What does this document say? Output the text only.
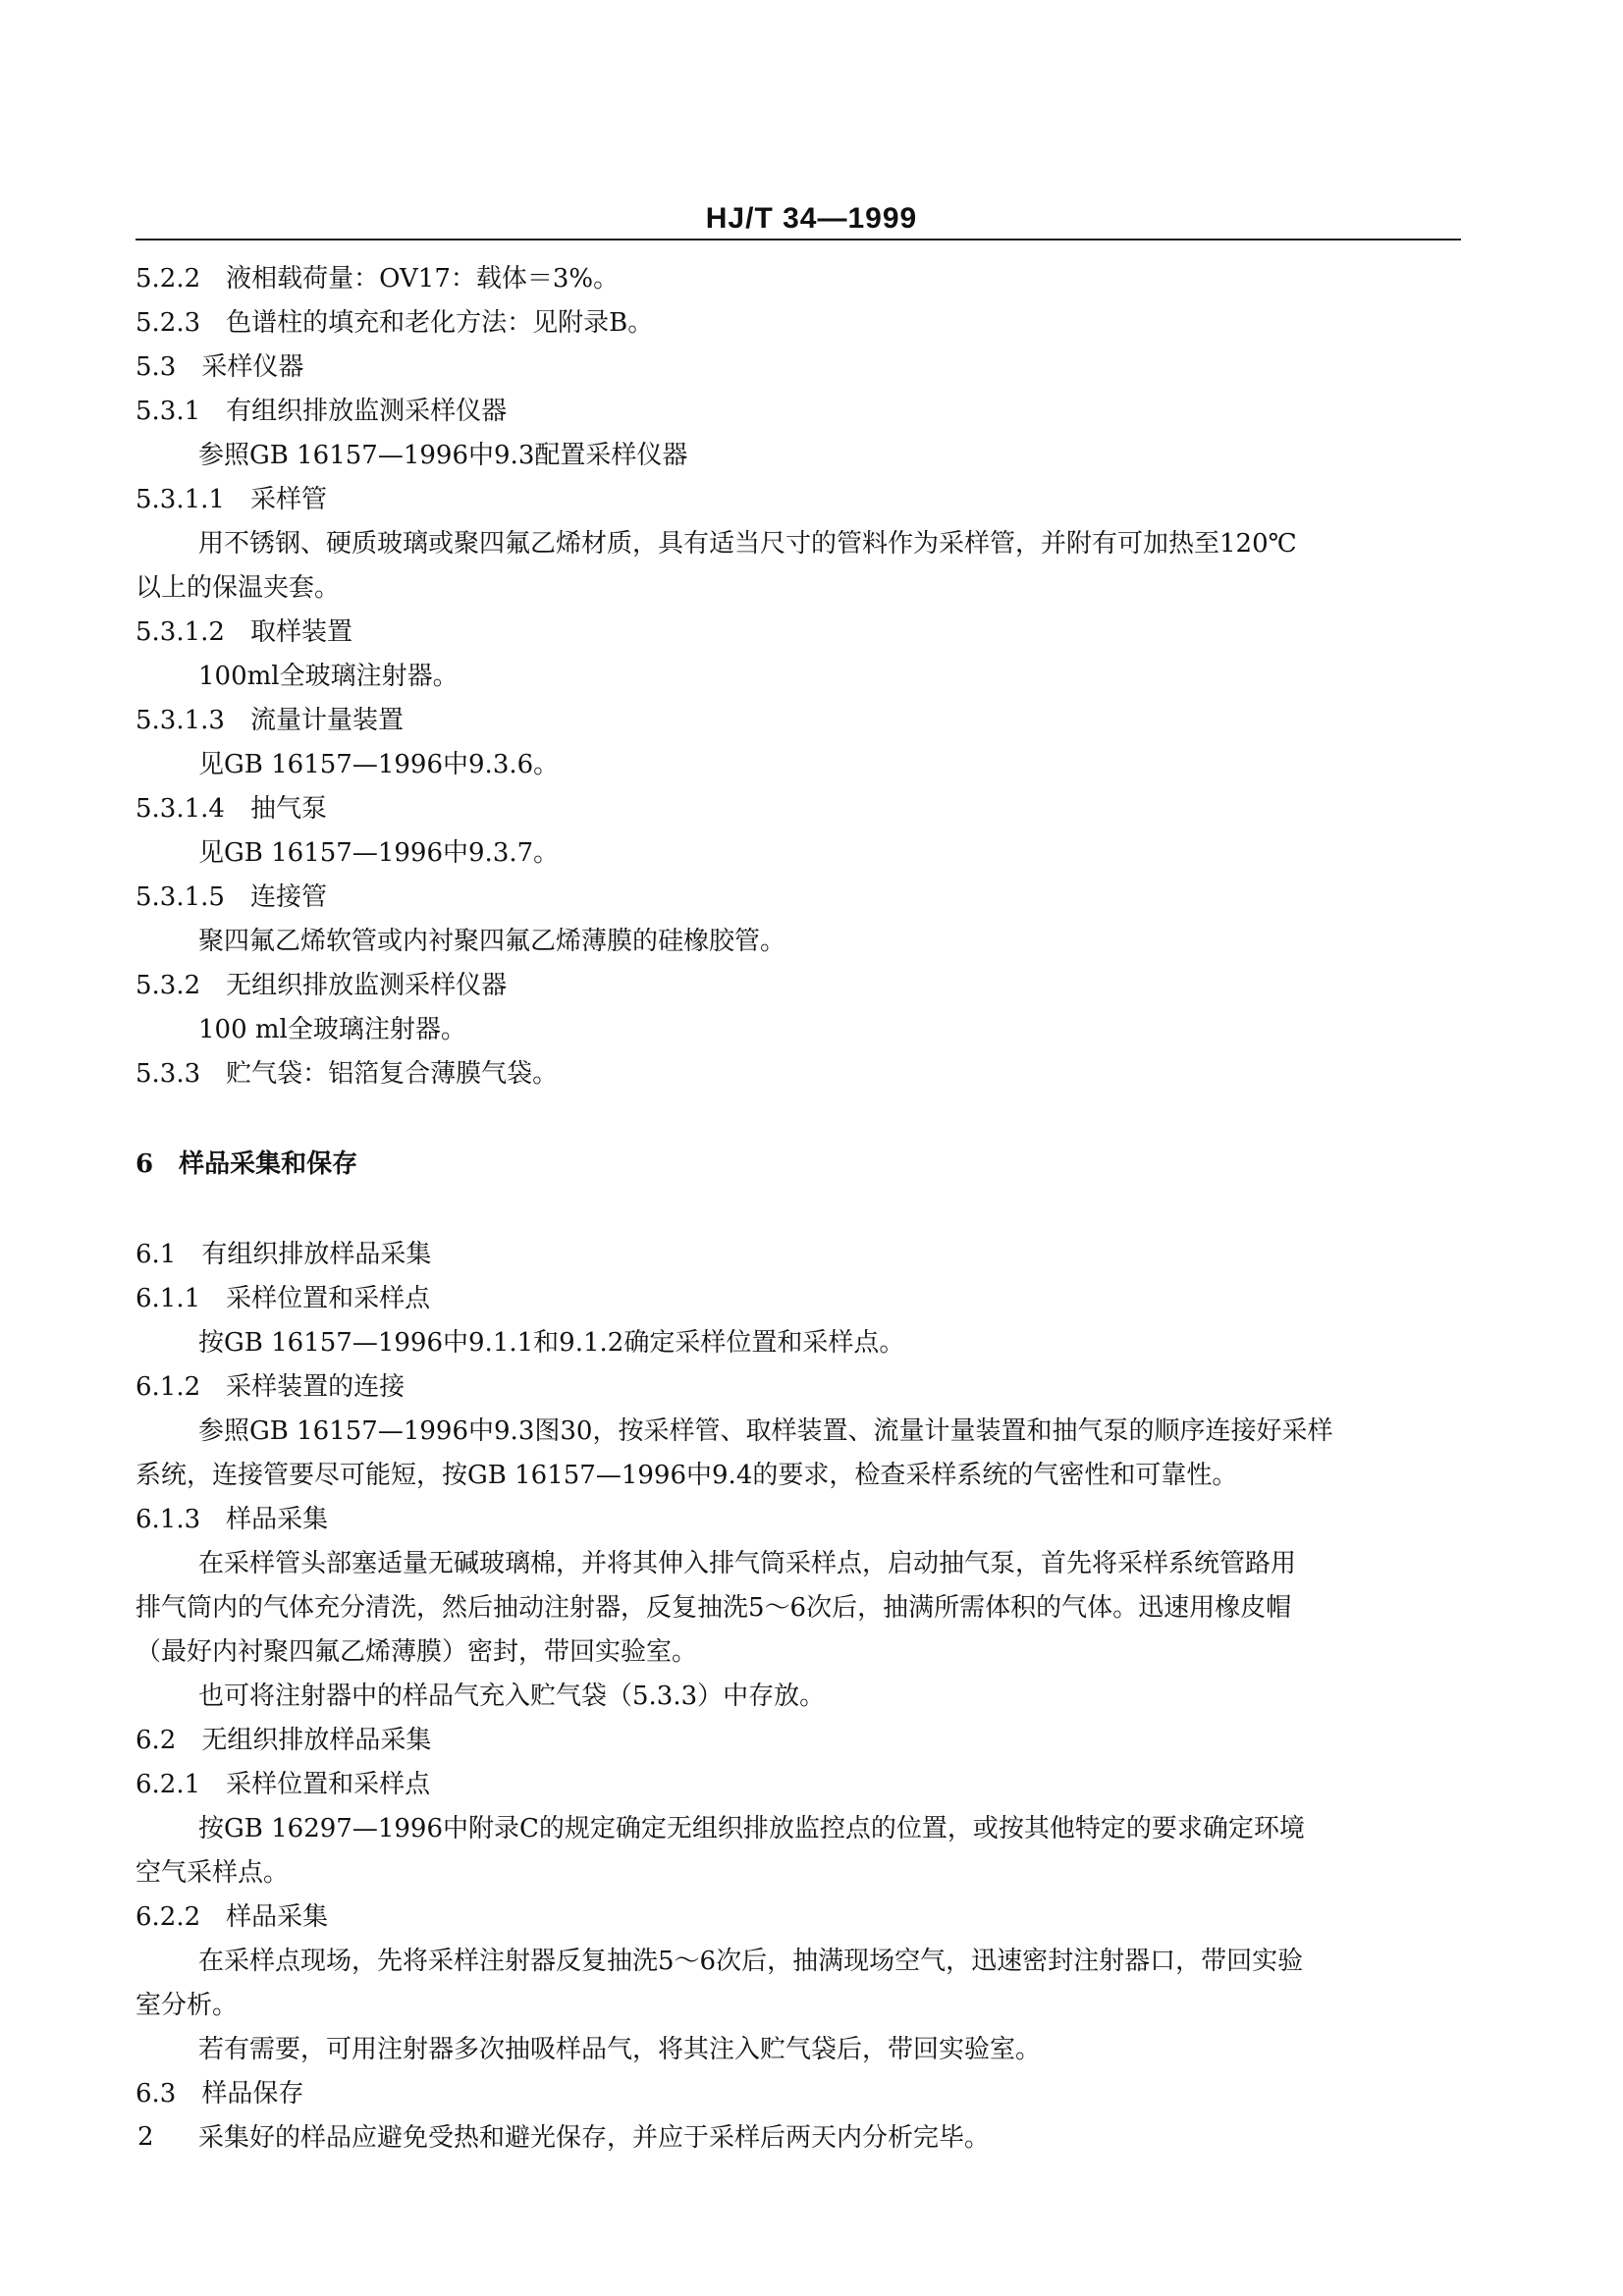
HJ/T 34—1999
5.2.2 液相载荷量：OV17：载体＝3%。
5.2.3 色谱柱的填充和老化方法：见附录B。
5.3 采样仪器
5.3.1 有组织排放监测采样仪器
参照GB 16157—1996中9.3配置采样仪器
5.3.1.1 采样管
用不锈钢、硬质玻璃或聚四氟乙烯材质，具有适当尺寸的管料作为采样管，并附有可加热至120℃
以上的保温夹套。
5.3.1.2 取样装置
100ml全玻璃注射器。
5.3.1.3 流量计量装置
见GB 16157—1996中9.3.6。
5.3.1.4 抽气泵
见GB 16157—1996中9.3.7。
5.3.1.5 连接管
聚四氟乙烯软管或内衬聚四氟乙烯薄膜的硅橡胶管。
5.3.2 无组织排放监测采样仪器
100 ml全玻璃注射器。
5.3.3 贮气袋：铝箔复合薄膜气袋。
6 样品采集和保存
6.1 有组织排放样品采集
6.1.1 采样位置和采样点
按GB 16157—1996中9.1.1和9.1.2确定采样位置和采样点。
6.1.2 采样装置的连接
参照GB 16157—1996中9.3图30，按采样管、取样装置、流量计量装置和抽气泵的顺序连接好采样
系统，连接管要尽可能短，按GB 16157—1996中9.4的要求，检查采样系统的气密性和可靠性。
6.1.3 样品采集
在采样管头部塞适量无碱玻璃棉，并将其伸入排气筒采样点，启动抽气泵，首先将采样系统管路用
排气筒内的气体充分清洗，然后抽动注射器，反复抽洗5～6次后，抽满所需体积的气体。迅速用橡皮帽
（最好内衬聚四氟乙烯薄膜）密封，带回实验室。
也可将注射器中的样品气充入贮气袋（5.3.3）中存放。
6.2 无组织排放样品采集
6.2.1 采样位置和采样点
按GB 16297—1996中附录C的规定确定无组织排放监控点的位置，或按其他特定的要求确定环境
空气采样点。
6.2.2 样品采集
在采样点现场，先将采样注射器反复抽洗5～6次后，抽满现场空气，迅速密封注射器口，带回实验
室分析。
若有需要，可用注射器多次抽吸样品气，将其注入贮气袋后，带回实验室。
6.3 样品保存
采集好的样品应避免受热和避光保存，并应于采样后两天内分析完毕。
2
